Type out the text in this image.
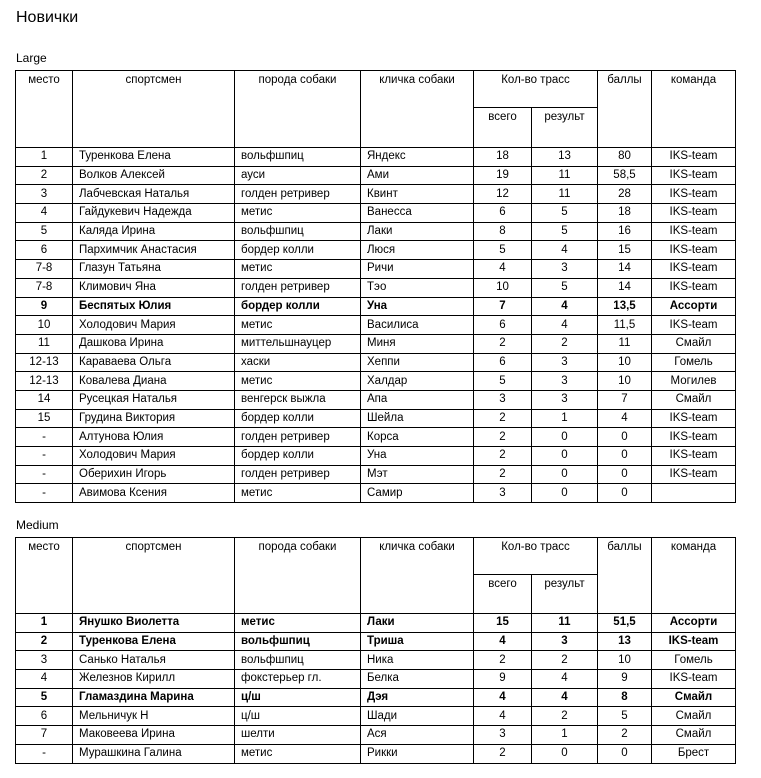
Новички
Large
место	спортсмен	порода собаки	кличка собаки	Кол-во трасс		баллы	команда
				всего	результ		
1	Туренкова Елена	вольфшпиц	Яндекс	18	13	80	IKS-team
2	Волков Алексей	ауси	Ами	19	11	58,5	IKS-team
3	Лабчевская Наталья	голден ретривер	Квинт	12	11	28	IKS-team
4	Гайдукевич Надежда	метис	Ванесса	6	5	18	IKS-team
5	Каляда Ирина	вольфшпиц	Лаки	8	5	16	IKS-team
6	Пархимчик Анастасия	бордер колли	Люся	5	4	15	IKS-team
7-8	Глазун Татьяна	метис	Ричи	4	3	14	IKS-team
7-8	Климович Яна	голден ретривер	Тэо	10	5	14	IKS-team
9	Беспятых Юлия	бордер колли	Уна	7	4	13,5	Ассорти
10	Холодович Мария	метис	Василиса	6	4	11,5	IKS-team
11	Дашкова Ирина	миттельшнауцер	Миня	2	2	11	Смайл
12-13	Караваева Ольга	хаски	Хеппи	6	3	10	Гомель
12-13	Ковалева Диана	метис	Халдар	5	3	10	Могилев
14	Русецкая Наталья	венгерск выжла	Апа	3	3	7	Смайл
15	Грудина Виктория	бордер колли	Шейла	2	1	4	IKS-team
-	Алтунова Юлия	голден ретривер	Корса	2	0	0	IKS-team
-	Холодович Мария	бордер колли	Уна	2	0	0	IKS-team
-	Оберихин Игорь	голден ретривер	Мэт	2	0	0	IKS-team
-	Авимова Ксения	метис	Самир	3	0	0	
Medium
место	спортсмен	порода собаки	кличка собаки	Кол-во трасс		баллы	команда
				всего	результ		
1	Янушко Виолетта	метис	Лаки	15	11	51,5	Ассорти
2	Туренкова Елена	вольфшпиц	Триша	4	3	13	IKS-team
3	Санько Наталья	вольфшпиц	Ника	2	2	10	Гомель
4	Железнов Кирилл	фокстерьер гл.	Белка	9	4	9	IKS-team
5	Гламаздина Марина	ц/ш	Дэя	4	4	8	Смайл
6	Мельничук Н	ц/ш	Шади	4	2	5	Смайл
7	Маковеева Ирина	шелти	Ася	3	1	2	Смайл
-	Мурашкина Галина	метис	Рикки	2	0	0	Брест
